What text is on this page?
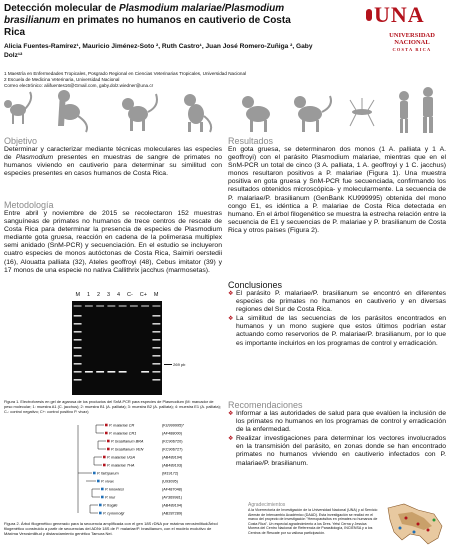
Detección molecular de Plasmodium malariae/Plasmodium brasilianum en primates no humanos en cautiverio de Costa Rica
Alicia Fuentes-Ramírez¹, Mauricio Jiménez-Soto ², Ruth Castro¹, Juan José Romero-Zuñiga ², Gaby Dolz¹²
1 Maestría en Enfermedades Tropicales, Posgrado Regional en Ciencias Veterinarias Tropicales, Universidad Nacional
2 Escuela de Medicina Veterinaria, Universidad Nacional
Correo electrónico: aliifuentes16@Gmail.com, gaby.dolz.wiedner@una.cr
UNA
UNIVERSIDAD
NACIONAL
COSTA RICA
Objetivo

Determinar y caracterizar mediante técnicas moleculares las especies de Plasmodium presentes en muestras de sangre de primates no humanos viviendo en cautiverio para determinar su similitud con especies presentes en casos humanos de Costa Rica.

Metodología

Entre abril y noviembre de 2015 se recolectaron 152 muestras sanguíneas de primates no humanos de trece centros de rescate de Costa Rica para determinar la presencia de especies de Plasmodium mediante gota gruesa, reacción en cadena de la polimerasa multiplex semi anidado (SnM-PCR) y secuenciación. En el estudio se incluyeron cuatro especies de monos autóctonas de Costa Rica, Saimiri oerstedii (16), Alouatta palliata (32), Ateles geoffroyi (48), Cebus imitator (39) y 17 monos de una especie no nativa Callithrix jacchus (marmosetas).

M 1 2 3 4 C- C+ M
269 pb
Figura 1. Electroforesis en gel de agarosa de los productos del SnM-PCR para especies de Plasmodium (M: marcador de peso molecular; 1: muestra A1 (C. jacchus); 2: muestra B1 (A. palliata); 3: muestra B2 (A. palliata); 4: muestra E1 (A. palliata); C-: control negativo; C+: control positivo P. vivax)
P. malariae CR	(KU999995)*
P. malariae CR1	(AF488000)
P. brasilianum BRA	(KC906720)
P. brasilianum VEN	(KC906727)
P. malariae UGA	(AB489194)
P. malariae THA	(AB489193)
P. falciparum	(M19172)
P. vivax	(U93095)
P. knowlesi	(AF487048)
P. inui	(AY369981)
P. fragile	(AB489194)
P. cynomolgi	(AB287289)
Figura 2. Árbol filogenético generado para la secuencia amplificada con el gen 18S rDNA por máxima verosimilitud/Árbol filogenético construido a partir de secuencias del ADNr 18S de P. malariae/P. brasilianum, con el modelo evolutivo de Máxima Verosimilitud y distanciamiento genético Tamura Nei.
Resultados

En gota gruesa, se determinaron dos monos (1 A. palliata y 1 A. geoffroyi) con el parásito Plasmodium malariae, mientras que en el SnM-PCR un total de cinco (3 A. palliata, 1 A. geoffroyi y 1 C. jacchus) monos resultaron positivos a P. malariae (Figura 1). Una muestra positiva en gota gruesa y SnM-PCR fue secuenciada, confirmando los resultados obtenidos microscópica- y molecularmente. La secuencia de P. malariae/P. brasilianum (GenBank KU999995) obtenida del mono congo E1, es idéntica a P. malariae de Costa Rica detectada en humano. En el árbol filogenético se muestra la estrecha relación entre la secuencia de E1 y secuencias de P. malariae y P. brasilianum de Costa Rica y otros países (Figura 2).

Conclusiones
❖ El parásito P. malariae/P. brasilianum se encontró en diferentes especies de primates no humanos en cautiverio y en diversas regiones del Sur de Costa Rica.
❖ La similitud de las secuencias de los parásitos encontrados en humanos y un mono sugiere que estos últimos podrían estar actuando como reservorios de P. malariae/P. brasilianum, por lo que es importante incluirlos en los programas de control y erradicación.
Recomendaciones
❖ Informar a las autoridades de salud para que evalúen la inclusión de los primates no humanos en los programas de control y erradicación de la enfermedad.
❖ Realizar investigaciones para determinar los vectores involucrados en la transmisión del parásito, en zonas donde se han encontrado primates no humanos viviendo en cautiverio infectados con P. malariae/P. brasilianum.
Agradecimientos
A la Vicerrectoría de Investigación de la Universidad Nacional (UNA) y al Servicio Alemán de Intercambio Académico (DAAD). Esta investigación se realizó en el marco del proyecto de investigación "Hemoparásitos en primates no humanos de Costa Rica". Un especial agradecimiento a los Dres. Yetsi Cerna y Jessica Morera del Centro Nacional de Referencia de Parasitología, INCIENSA y a los Centros de Rescate por su valiosa participación.
